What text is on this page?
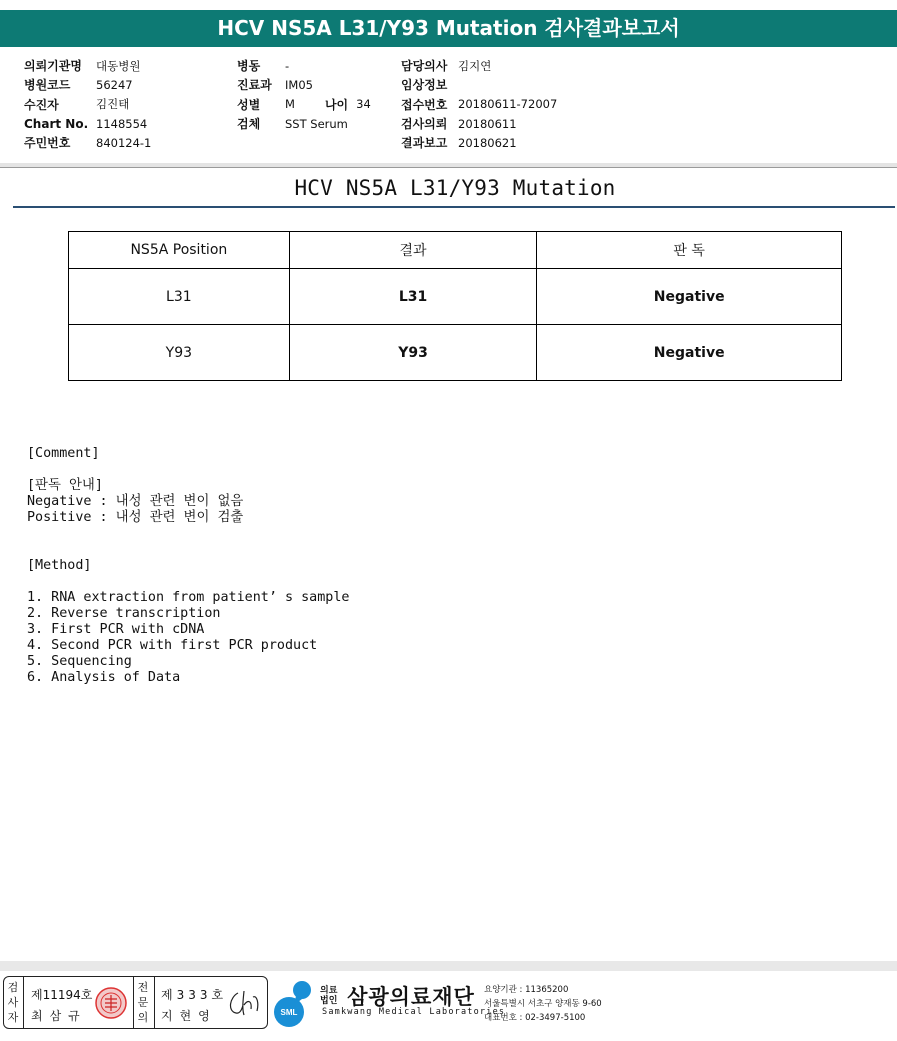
HCV NS5A L31/Y93 Mutation 검사결과보고서
의뢰기관명	대동병원
병원코드	56247
수진자	김진태
Chart No. 1148554
주민번호	840124-1
병동	-
진료과	IM05
성별	M	나이 34
검체	SST Serum
담당의사 김지연
임상정보
접수번호 20180611-72007
검사의뢰 20180611
결과보고 20180621
HCV NS5A L31/Y93 Mutation
NS5A Position	결과	판 독
L31	L31	Negative
Y93	Y93	Negative
[Comment]
[판독 안내]
Negative : 내성 관련 변이 없음
Positive : 내성 관련 변이 검출
[Method]
1. RNA extraction from patient’ s sample
2. Reverse transcription
3. First PCR with cDNA
4. Second PCR with first PCR product
5. Sequencing
6. Analysis of Data
검사자
제11194호
최삼규
전문의
제333호
지현영	SML
의료
법인 삼광의료재단
Samkwang Medical Laboratories
요양기관 : 11365200
서울특별시 서초구 양재동 9-60
대표번호 : 02-3497-5100
